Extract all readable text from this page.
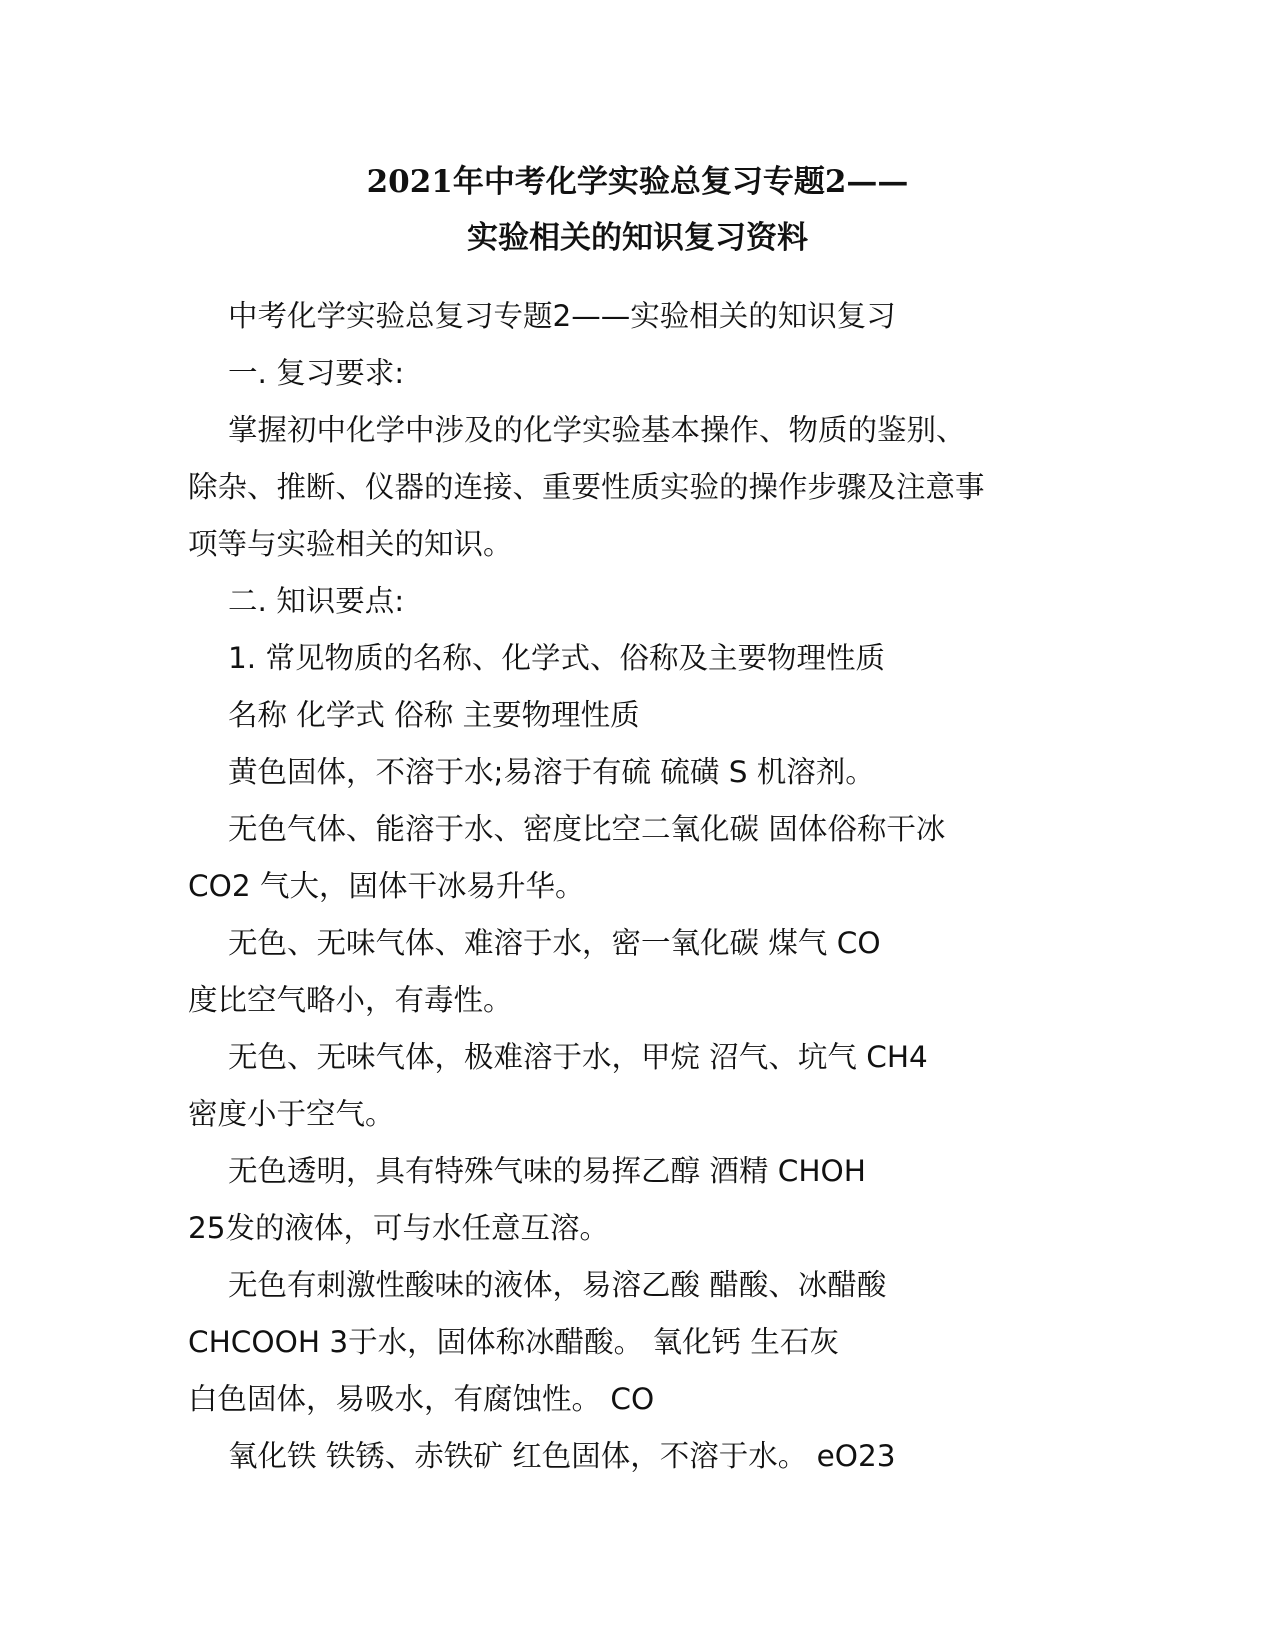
2021年中考化学实验总复习专题2——
实验相关的知识复习资料
中考化学实验总复习专题2——实验相关的知识复习
一. 复习要求:
掌握初中化学中涉及的化学实验基本操作、物质的鉴别、
除杂、推断、仪器的连接、重要性质实验的操作步骤及注意事
项等与实验相关的知识。
二. 知识要点:
1. 常见物质的名称、化学式、俗称及主要物理性质
名称 化学式 俗称 主要物理性质
黄色固体，不溶于水;易溶于有硫 硫磺 S 机溶剂。
无色气体、能溶于水、密度比空二氧化碳 固体俗称干冰
CO2 气大，固体干冰易升华。
无色、无味气体、难溶于水，密一氧化碳 煤气 CO
度比空气略小，有毒性。
无色、无味气体，极难溶于水，甲烷 沼气、坑气 CH4
密度小于空气。
无色透明，具有特殊气味的易挥乙醇 酒精 CHOH
25发的液体，可与水任意互溶。
无色有刺激性酸味的液体，易溶乙酸 醋酸、冰醋酸
CHCOOH 3于水，固体称冰醋酸。 氧化钙 生石灰
白色固体，易吸水，有腐蚀性。 CO
氧化铁 铁锈、赤铁矿 红色固体，不溶于水。 eO23
